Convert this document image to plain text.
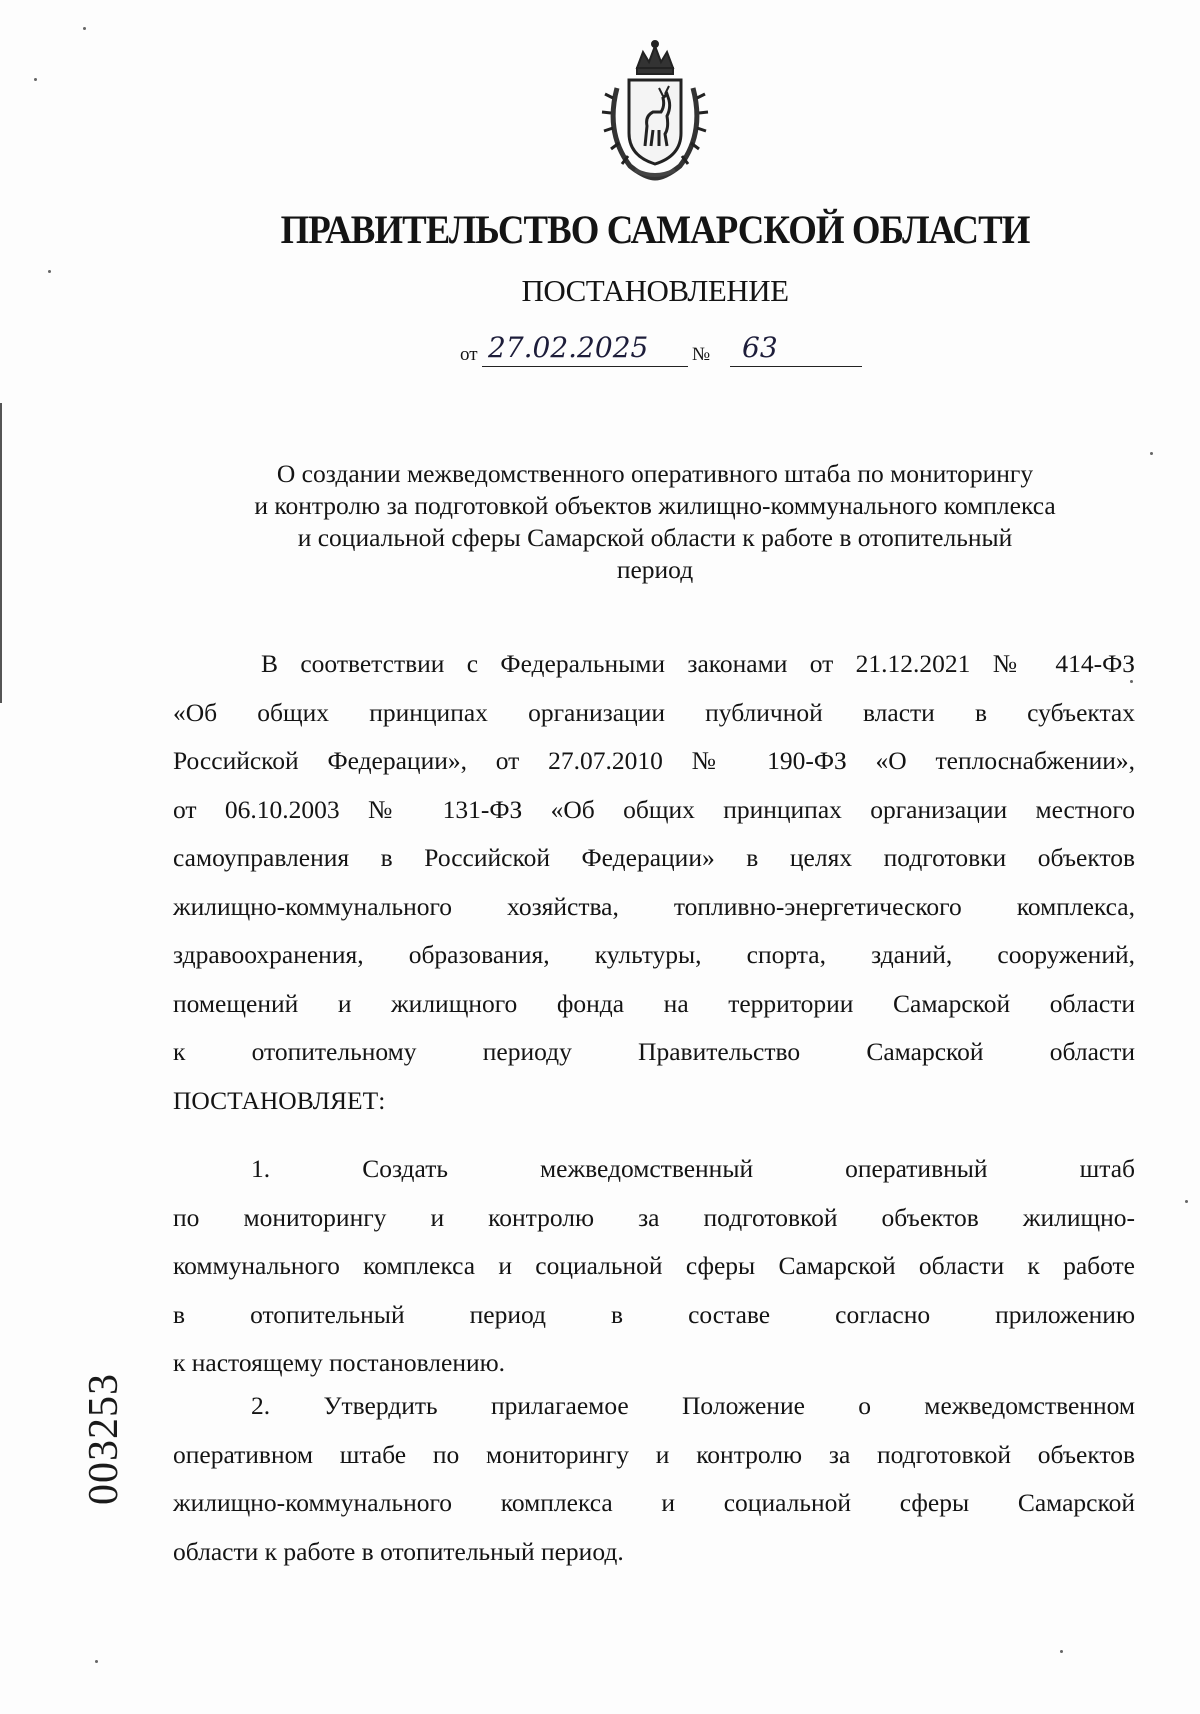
ПРАВИТЕЛЬСТВО САМАРСКОЙ ОБЛАСТИ
ПОСТАНОВЛЕНИЕ
от 27.02.2025	№	63
О создании межведомственного оперативного штаба по мониторингу
и контролю за подготовкой объектов жилищно-коммунального комплекса
и социальной сферы Самарской области к работе в отопительный
период
В соответствии с Федеральными законами от 21.12.2021 № 414-ФЗ
«Об общих принципах организации публичной власти в субъектах
Российской Федерации», от 27.07.2010 № 190-ФЗ «О теплоснабжении»,
от 06.10.2003 № 131-ФЗ «Об общих принципах организации местного
самоуправления в Российской Федерации» в целях подготовки объектов
жилищно-коммунального хозяйства, топливно-энергетического комплекса,
здравоохранения, образования, культуры, спорта, зданий, сооружений,
помещений и жилищного фонда на территории Самарской области
к отопительному периоду Правительство Самарской области
ПОСТАНОВЛЯЕТ:
1. Создать межведомственный оперативный штаб
по мониторингу и контролю за подготовкой объектов жилищно-
коммунального комплекса и социальной сферы Самарской области к работе
в отопительный период в составе согласно приложению
к настоящему постановлению.
2. Утвердить прилагаемое Положение о межведомственном
оперативном штабе по мониторингу и контролю за подготовкой объектов
жилищно-коммунального комплекса и социальной сферы Самарской
области к работе в отопительный период.
003253
